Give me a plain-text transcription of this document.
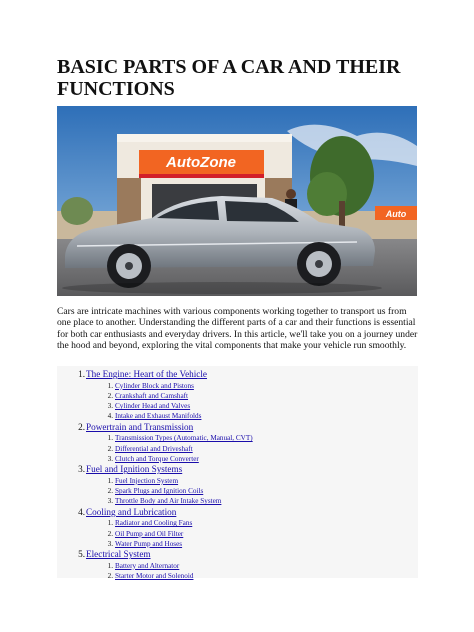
BASIC PARTS OF A CAR AND THEIR FUNCTIONS
AutoZone
Auto

Cars are intricate machines with various components working together to transport us from one place to another. Understanding the different parts of a car and their functions is essential for both car enthusiasts and everyday drivers. In this article, we'll take you on a journey under the hood and beyond, exploring the vital components that make your vehicle run smoothly.

1. The Engine: Heart of the Vehicle
1. Cylinder Block and Pistons
2. Crankshaft and Camshaft
3. Cylinder Head and Valves
4. Intake and Exhaust Manifolds
2. Powertrain and Transmission
1. Transmission Types (Automatic, Manual, CVT)
2. Differential and Driveshaft
3. Clutch and Torque Converter
3. Fuel and Ignition Systems
1. Fuel Injection System
2. Spark Plugs and Ignition Coils
3. Throttle Body and Air Intake System
4. Cooling and Lubrication
1. Radiator and Cooling Fans
2. Oil Pump and Oil Filter
3. Water Pump and Hoses
5. Electrical System
1. Battery and Alternator
2. Starter Motor and Solenoid
